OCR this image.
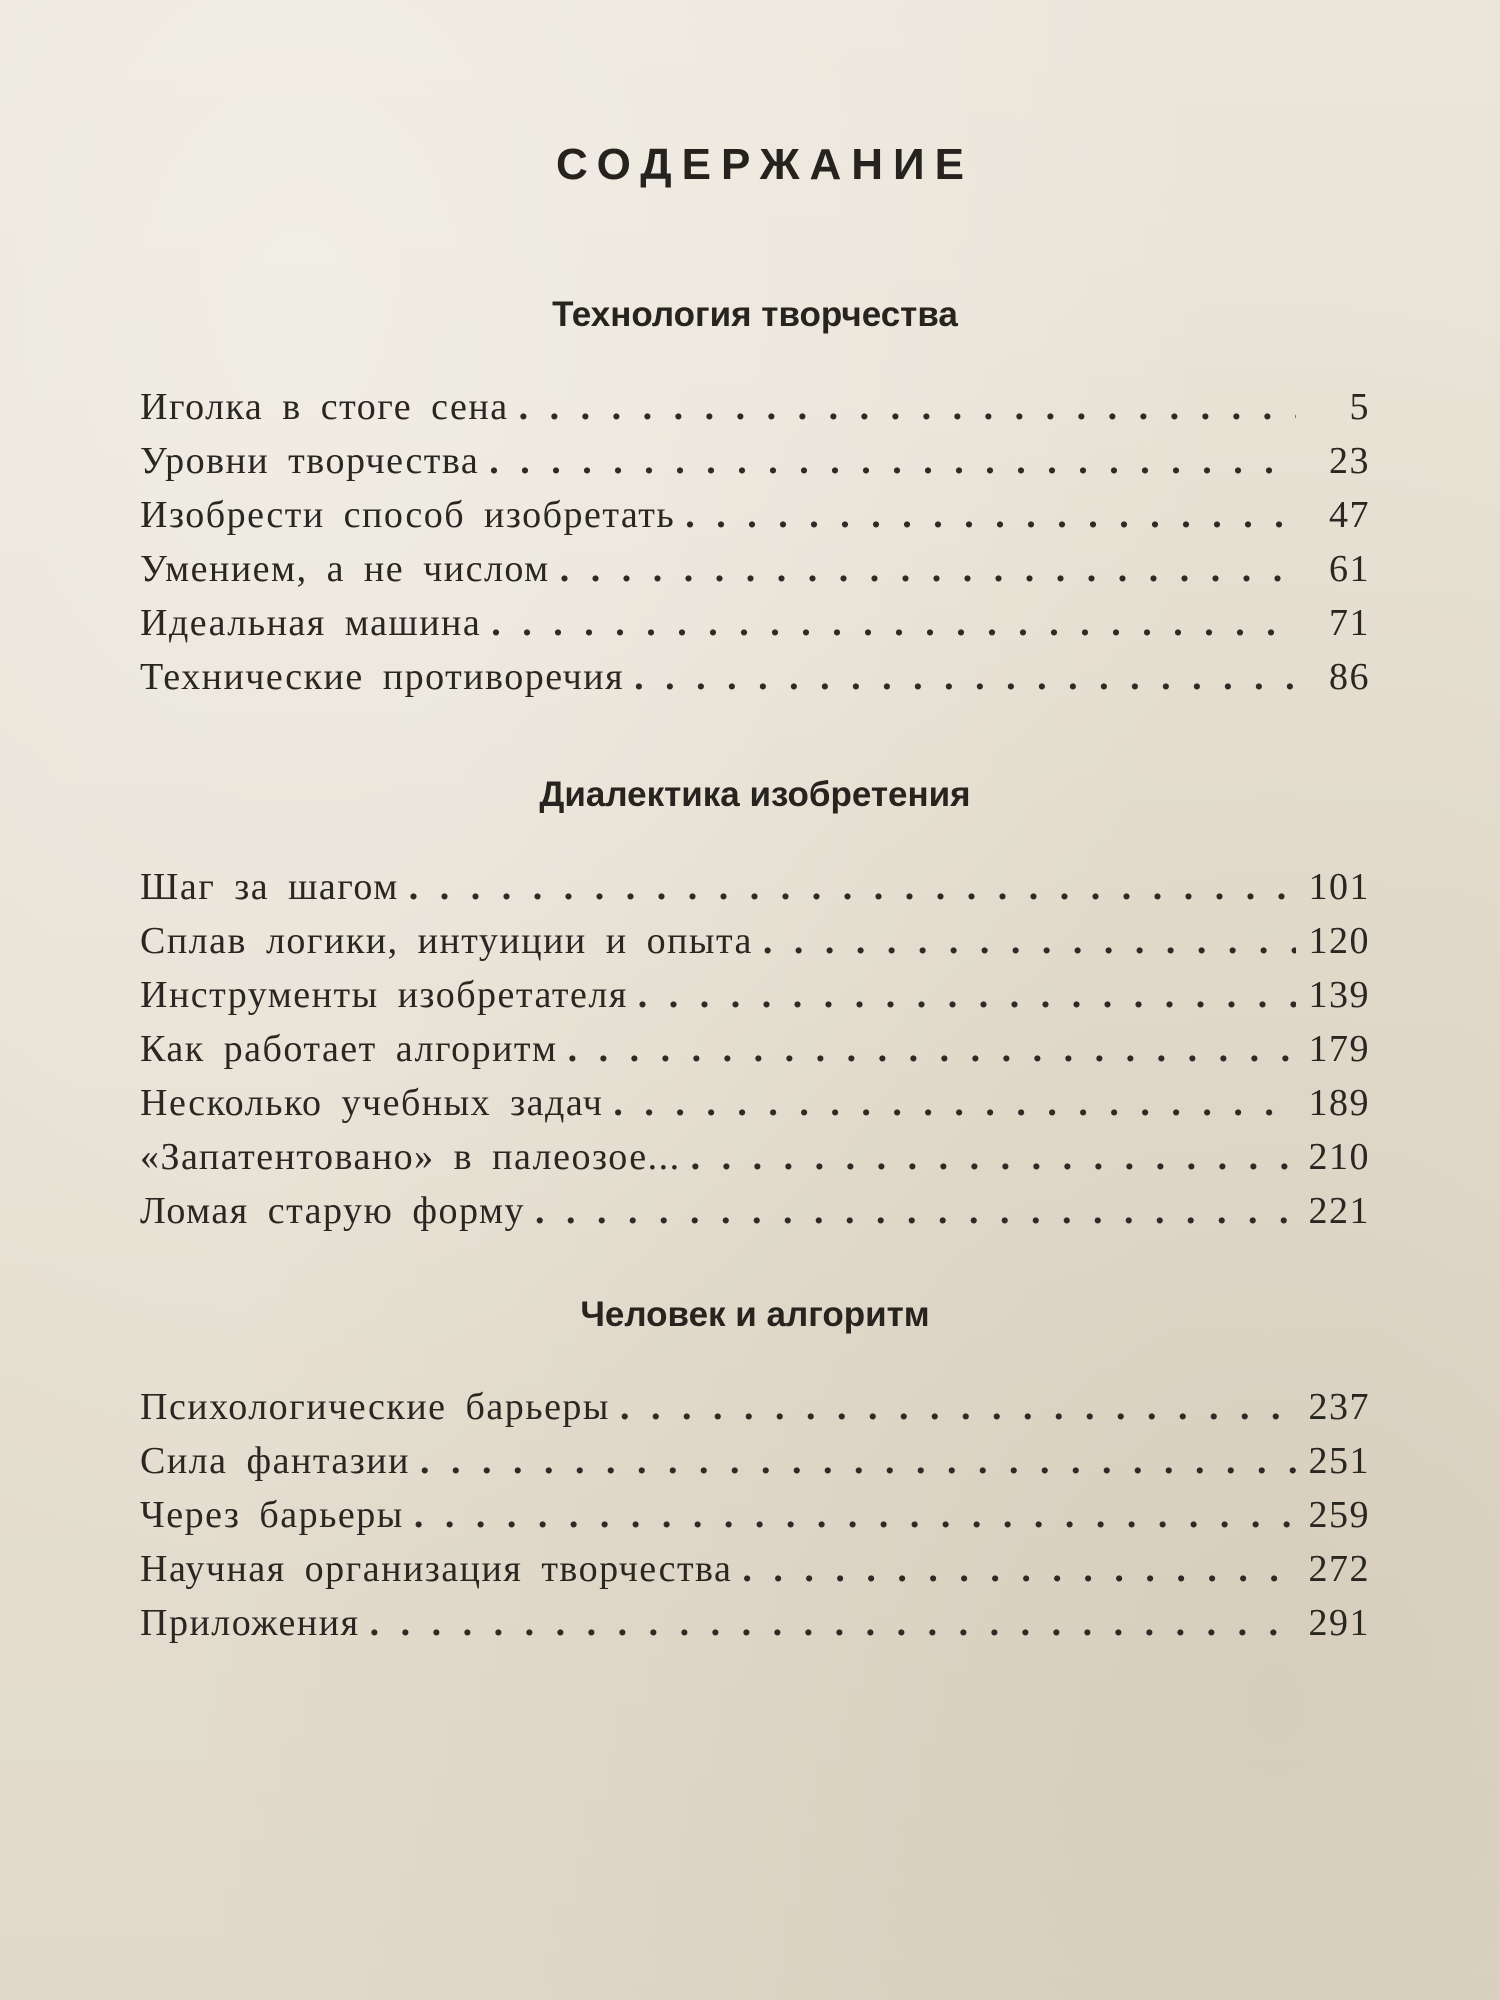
СОДЕРЖАНИЕ
Технология творчества
Иголка в стоге сена . . .	5
Уровни творчества . . .	23
Изобрести способ изобретать . . .	47
Умением, а не числом . . .	61
Идеальная машина . . .	71
Технические противоречия . . .	86
Диалектика изобретения
Шаг за шагом . . .	101
Сплав логики, интуиции и опыта . . .	120
Инструменты изобретателя . . .	139
Как работает алгоритм . . .	179
Несколько учебных задач . . .	189
«Запатентовано» в палеозое... . . .	210
Ломая старую форму . . .	221
Человек и алгоритм
Психологические барьеры . . .	237
Сила фантазии . . .	251
Через барьеры . . .	259
Научная организация творчества . . .	272
Приложения . . .	291
